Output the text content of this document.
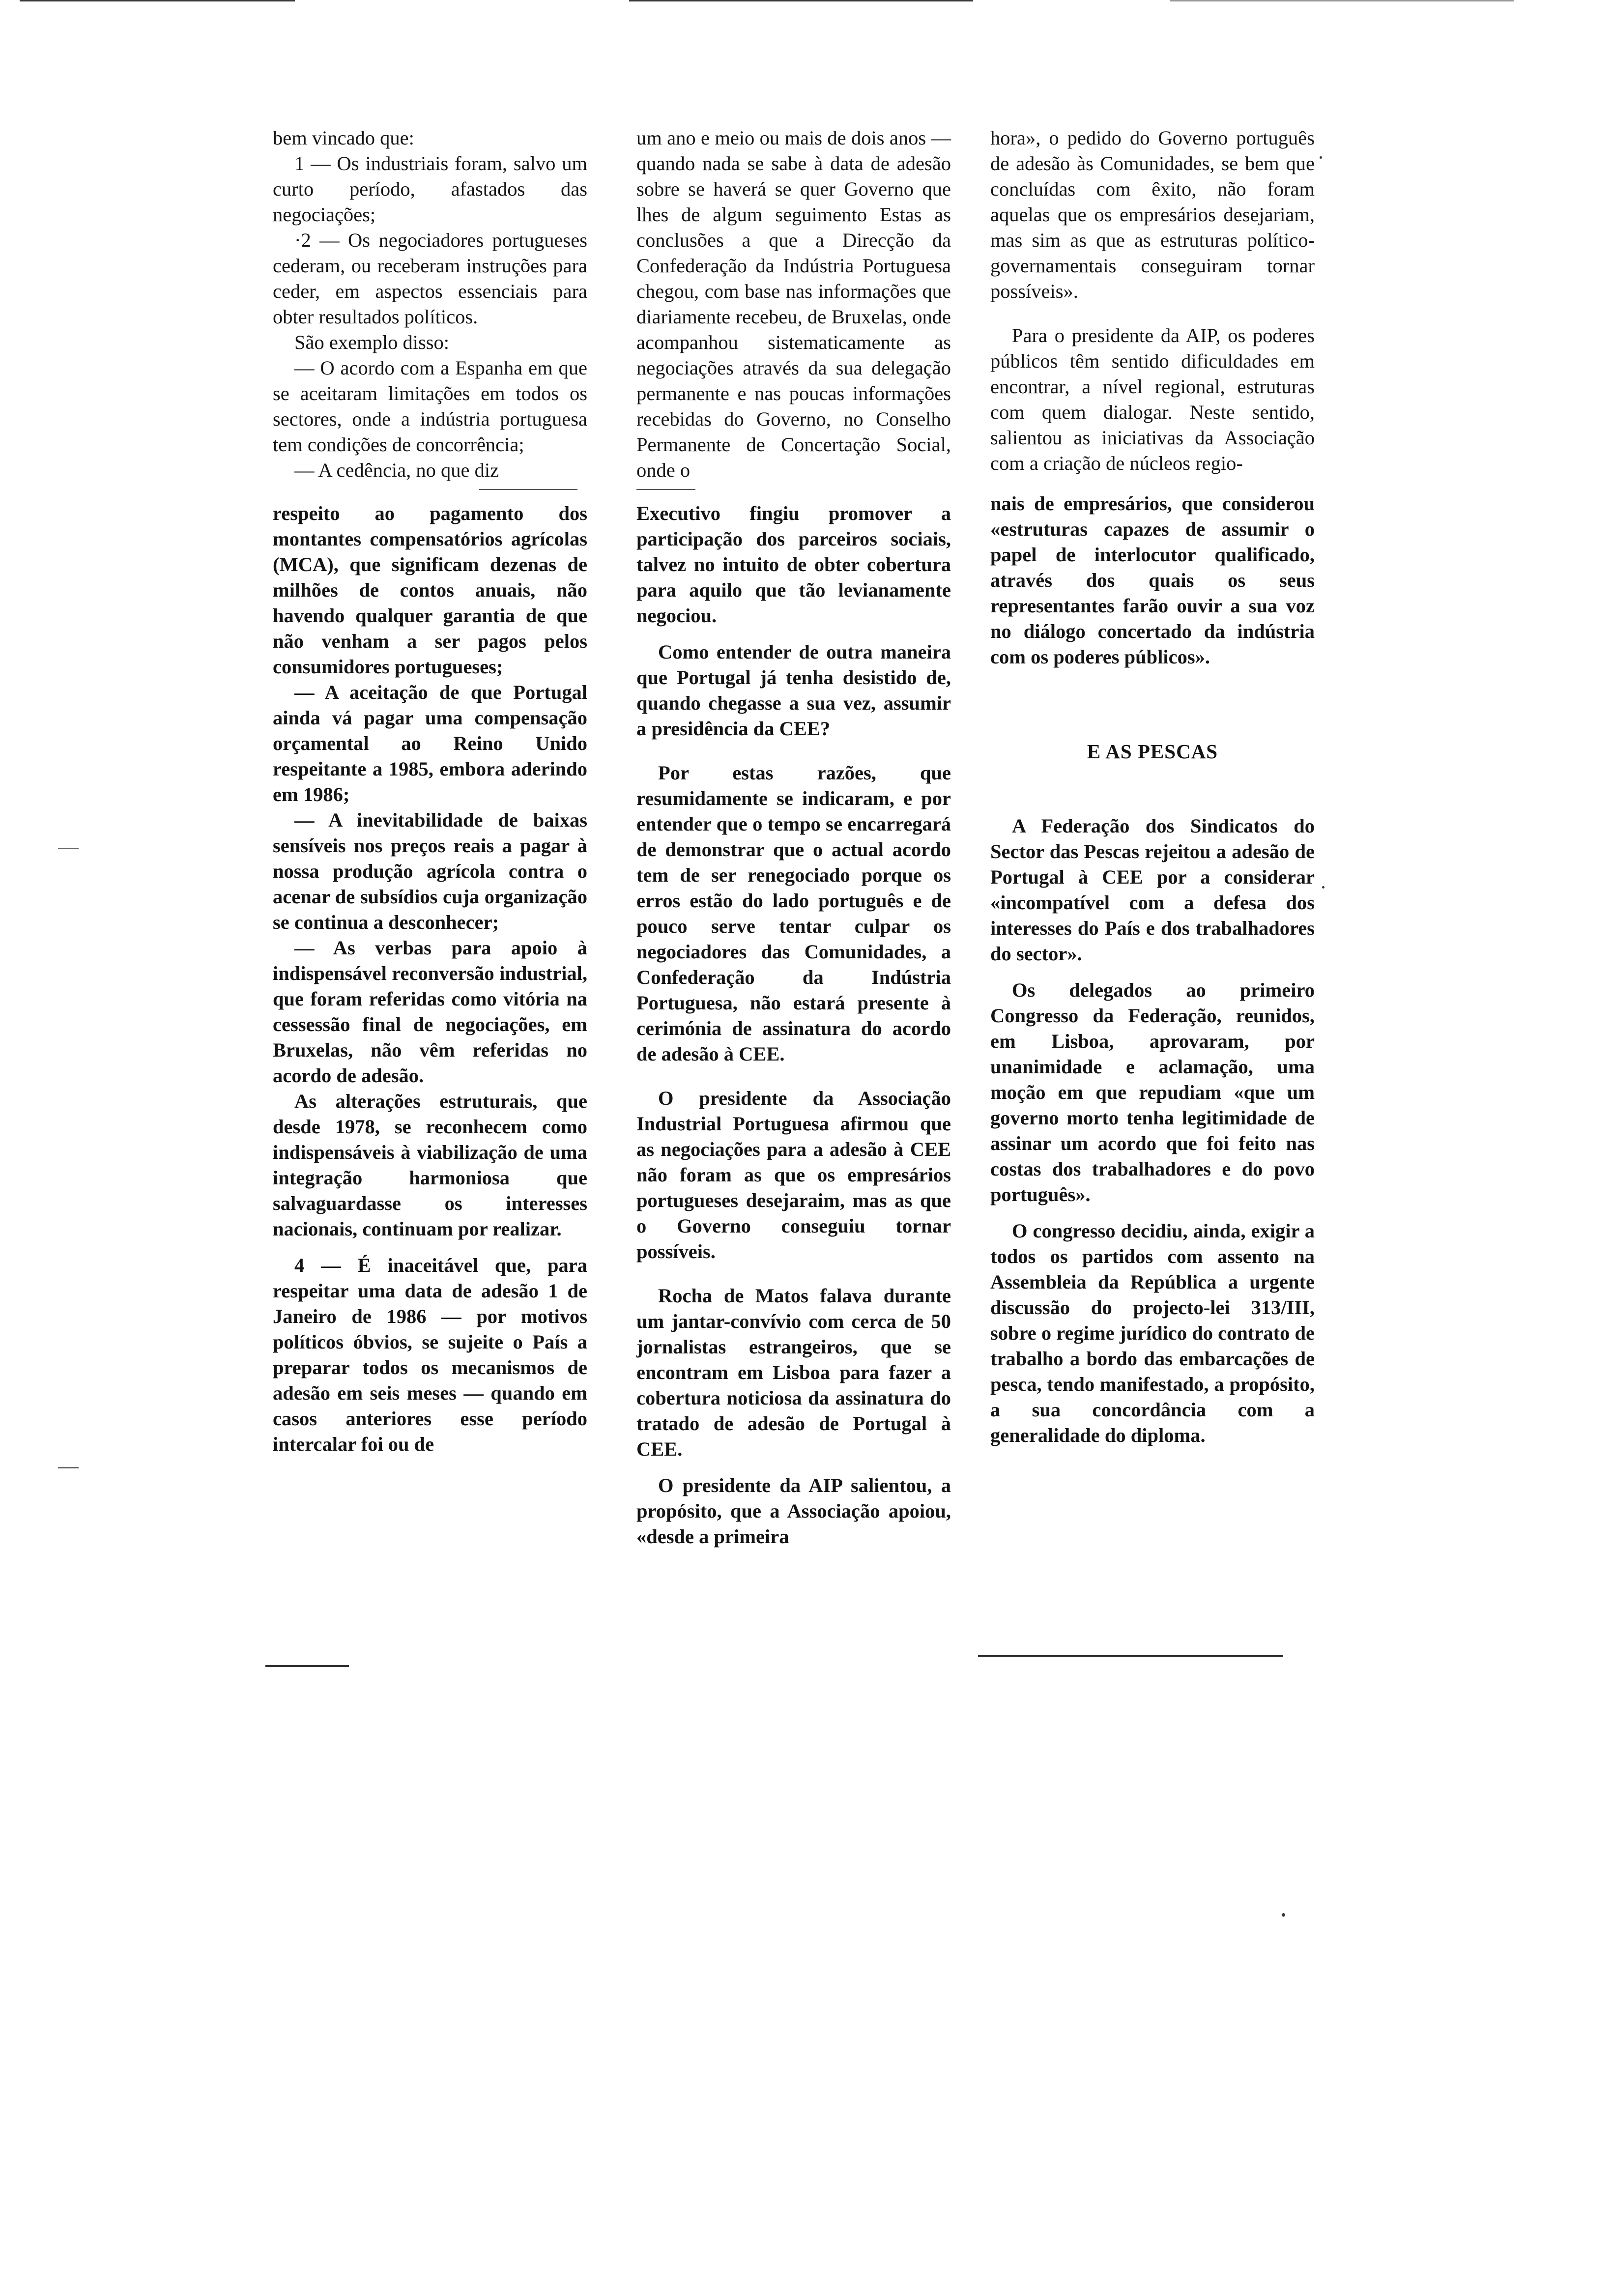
bem vincado que:

1 — Os industriais foram, salvo um curto período, afastados das negociações;

·2 — Os negociadores portugueses cederam, ou receberam instruções para ceder, em aspectos essenciais para obter resultados políticos.

São exemplo disso:

— O acordo com a Espanha em que se aceitaram limitações em todos os sectores, onde a indústria portuguesa tem condições de concorrência;

— A cedência, no que diz

respeito ao pagamento dos montantes compensatórios agrícolas (MCA), que significam dezenas de milhões de contos anuais, não havendo qualquer garantia de que não venham a ser pagos pelos consumidores portugueses;

— A aceitação de que Portugal ainda vá pagar uma compensação orçamental ao Reino Unido respeitante a 1985, embora aderindo em 1986;

— A inevitabilidade de baixas sensíveis nos preços reais a pagar à nossa produção agrícola contra o acenar de subsídios cuja organização se continua a desconhecer;

— As verbas para apoio à indispensável reconversão industrial, que foram referidas como vitória na cessessão final de negociações, em Bruxelas, não vêm referidas no acordo de adesão.

As alterações estruturais, que desde 1978, se reconhecem como indispensáveis à viabilização de uma integração harmoniosa que salvaguardasse os interesses nacionais, continuam por realizar.

4 — É inaceitável que, para respeitar uma data de adesão 1 de Janeiro de 1986 — por motivos políticos óbvios, se sujeite o País a preparar todos os mecanismos de adesão em seis meses — quando em casos anteriores esse período intercalar foi ou de

um ano e meio ou mais de dois anos — quando nada se sabe à data de adesão sobre se haverá se quer Governo que lhes de algum seguimento Estas as conclusões a que a Direcção da Confederação da Indústria Portuguesa chegou, com base nas informações que diariamente recebeu, de Bruxelas, onde acompanhou sistematicamente as negociações através da sua delegação permanente e nas poucas informações recebidas do Governo, no Conselho Permanente de Concertação Social, onde o

Executivo fingiu promover a participação dos parceiros sociais, talvez no intuito de obter cobertura para aquilo que tão levianamente negociou.

Como entender de outra maneira que Portugal já tenha desistido de, quando chegasse a sua vez, assumir a presidência da CEE?

Por estas razões, que resumidamente se indicaram, e por entender que o tempo se encarregará de demonstrar que o actual acordo tem de ser renegociado porque os erros estão do lado português e de pouco serve tentar culpar os negociadores das Comunidades, a Confederação da Indústria Portuguesa, não estará presente à cerimónia de assinatura do acordo de adesão à CEE.

O presidente da Associação Industrial Portuguesa afirmou que as negociações para a adesão à CEE não foram as que os empresários portugueses desejaraim, mas as que o Governo conseguiu tornar possíveis.

Rocha de Matos falava durante um jantar-convívio com cerca de 50 jornalistas estrangeiros, que se encontram em Lisboa para fazer a cobertura noticiosa da assinatura do tratado de adesão de Portugal à CEE.

O presidente da AIP salientou, a propósito, que a Associação apoiou, «desde a primeira

hora», o pedido do Governo português de adesão às Comunidades, se bem que concluídas com êxito, não foram aquelas que os empresários desejariam, mas sim as que as estruturas político-governamentais conseguiram tornar possíveis».

Para o presidente da AIP, os poderes públicos têm sentido dificuldades em encontrar, a nível regional, estruturas com quem dialogar. Neste sentido, salientou as iniciativas da Associação com a criação de núcleos regio-

nais de empresários, que considerou «estruturas capazes de assumir o papel de interlocutor qualificado, através dos quais os seus representantes farão ouvir a sua voz no diálogo concertado da indústria com os poderes públicos».

E AS PESCAS

A Federação dos Sindicatos do Sector das Pescas rejeitou a adesão de Portugal à CEE por a considerar «incompatível com a defesa dos interesses do País e dos trabalhadores do sector».

Os delegados ao primeiro Congresso da Federação, reunidos, em Lisboa, aprovaram, por unanimidade e aclamação, uma moção em que repudiam «que um governo morto tenha legitimidade de assinar um acordo que foi feito nas costas dos trabalhadores e do povo português».

O congresso decidiu, ainda, exigir a todos os partidos com assento na Assembleia da República a urgente discussão do projecto-lei 313/III, sobre o regime jurídico do contrato de trabalho a bordo das embarcações de pesca, tendo manifestado, a propósito, a sua concordância com a generalidade do diploma.
